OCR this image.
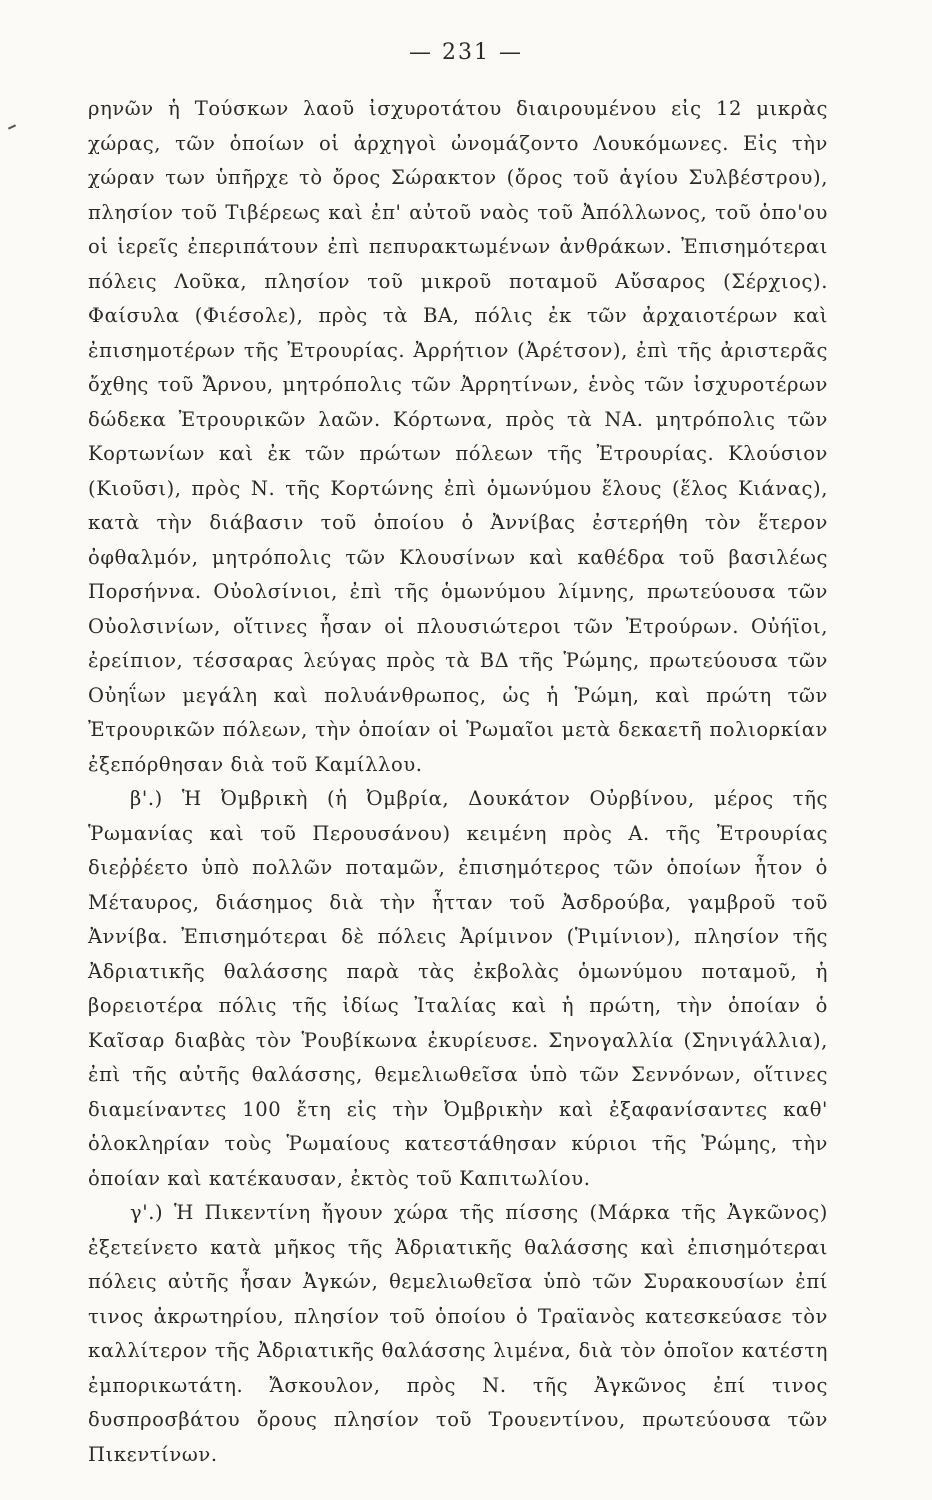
— 231 —

ρηνῶν ἡ Τούσκων λαοῦ ἰσχυροτάτου διαιρουμένου εἰς 12 μικρὰς χώρας, τῶν ὁποίων οἱ ἀρχηγοὶ ὠνομάζοντο Λουκόμωνες. Εἰς τὴν χώραν των ὑπῆρχε τὸ ὄρος Σώρακτον (ὄρος τοῦ ἁγίου Συλβέστρου), πλησίον τοῦ Τιβέρεως καὶ ἐπ' αὐτοῦ ναὸς τοῦ Ἀπόλλωνος, τοῦ ὁπο'ου οἱ ἱερεῖς ἐπεριπάτουν ἐπὶ πεπυρακτωμένων ἀνθράκων. Ἐπισημότεραι πόλεις Λοῦκα, πλησίον τοῦ μικροῦ ποταμοῦ Αὔσαρος (Σέρχιος). Φαίσυλα (Φιέσολε), πρὸς τὰ ΒΑ, πόλις ἐκ τῶν ἀρχαιοτέρων καὶ ἐπισημοτέρων τῆς Ἐτρουρίας. Ἀρρήτιον (Ἀρέτσον), ἐπὶ τῆς ἀριστερᾶς ὄχθης τοῦ Ἄρνου, μητρόπολις τῶν Ἀρρητίνων, ἑνὸς τῶν ἰσχυροτέρων δώδεκα Ἐτρουρικῶν λαῶν. Κόρτωνα, πρὸς τὰ ΝΑ. μητρόπολις τῶν Κορτωνίων καὶ ἐκ τῶν πρώτων πόλεων τῆς Ἐτρουρίας. Κλούσιον (Κιοῦσι), πρὸς Ν. τῆς Κορτώνης ἐπὶ ὁμωνύμου ἕλους (ἕλος Κιάνας), κατὰ τὴν διάβασιν τοῦ ὁποίου ὁ Ἀννίβας ἐστερήθη τὸν ἕτερον ὀφθαλμόν, μητρόπολις τῶν Κλουσίνων καὶ καθέδρα τοῦ βασιλέως Πορσήννα. Οὐολσίνιοι, ἐπὶ τῆς ὁμωνύμου λίμνης, πρωτεύουσα τῶν Οὐολσινίων, οἵτινες ἦσαν οἱ πλουσιώτεροι τῶν Ἐτρούρων. Οὐήϊοι, ἐρείπιον, τέσσαρας λεύγας πρὸς τὰ ΒΔ τῆς Ῥώμης, πρωτεύουσα τῶν Οὐηΐων μεγάλη καὶ πολυάνθρωπος, ὡς ἡ Ῥώμη, καὶ πρώτη τῶν Ἐτρουρικῶν πόλεων, τὴν ὁποίαν οἱ Ῥωμαῖοι μετὰ δεκαετῆ πολιορκίαν ἐξεπόρθησαν διὰ τοῦ Καμίλλου.

β'.) Ἡ Ὀμβρικὴ (ἡ Ὀμβρία, Δουκάτον Οὐρβίνου, μέρος τῆς Ῥωμανίας καὶ τοῦ Περουσάνου) κειμένη πρὸς Α. τῆς Ἐτρουρίας διεῤῥέετο ὑπὸ πολλῶν ποταμῶν, ἐπισημότερος τῶν ὁποίων ἦτον ὁ Μέταυρος, διάσημος διὰ τὴν ἧτταν τοῦ Ἀσδρούβα, γαμβροῦ τοῦ Ἀννίβα. Ἐπισημότεραι δὲ πόλεις Ἀρίμινον (Ῥιμίνιον), πλησίον τῆς Ἀδριατικῆς θαλάσσης παρὰ τὰς ἐκβολὰς ὁμωνύμου ποταμοῦ, ἡ βορειοτέρα πόλις τῆς ἰδίως Ἰταλίας καὶ ἡ πρώτη, τὴν ὁποίαν ὁ Καῖσαρ διαβὰς τὸν Ῥουβίκωνα ἐκυρίευσε. Σηνογαλλία (Σηνιγάλλια), ἐπὶ τῆς αὐτῆς θαλάσσης, θεμελιωθεῖσα ὑπὸ τῶν Σεννόνων, οἵτινες διαμείναντες 100 ἔτη εἰς τὴν Ὀμβρικὴν καὶ ἐξαφανίσαντες καθ' ὁλοκληρίαν τοὺς Ῥωμαίους κατεστάθησαν κύριοι τῆς Ῥώμης, τὴν ὁποίαν καὶ κατέκαυσαν, ἐκτὸς τοῦ Καπιτωλίου.

γ'.) Ἡ Πικεντίνη ἤγουν χώρα τῆς πίσσης (Μάρκα τῆς Ἀγκῶνος) ἐξετείνετο κατὰ μῆκος τῆς Ἀδριατικῆς θαλάσσης καὶ ἐπισημότεραι πόλεις αὐτῆς ἦσαν Ἀγκών, θεμελιωθεῖσα ὑπὸ τῶν Συρακουσίων ἐπί τινος ἀκρωτηρίου, πλησίον τοῦ ὁποίου ὁ Τραϊανὸς κατεσκεύασε τὸν καλλίτερον τῆς Ἀδριατικῆς θαλάσσης λιμένα, διὰ τὸν ὁποῖον κατέστη ἐμπορικωτάτη. Ἄσκουλον, πρὸς Ν. τῆς Ἀγκῶνος ἐπί τινος δυσπροσβάτου ὄρους πλησίον τοῦ Τρουεντίνου, πρωτεύουσα τῶν Πικεντίνων.
